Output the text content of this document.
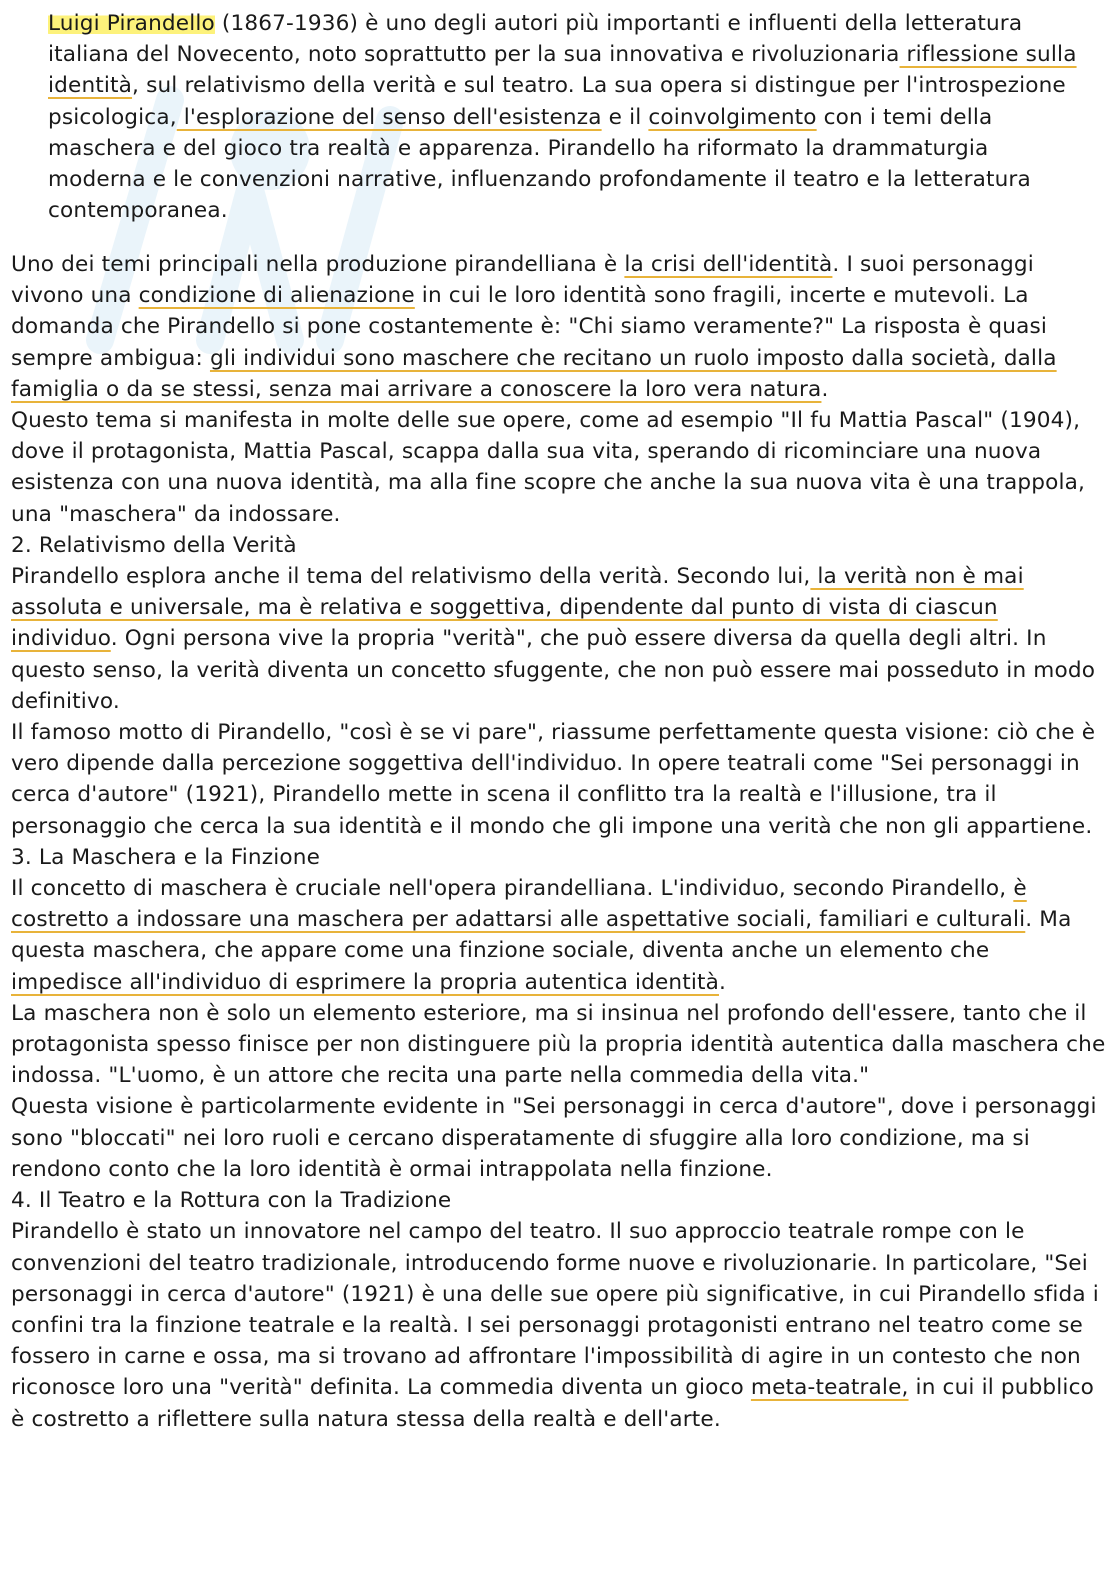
Luigi Pirandello (1867-1936) è uno degli autori più importanti e influenti della letteratura italiana del Novecento, noto soprattutto per la sua innovativa e rivoluzionaria riflessione sulla identità, sul relativismo della verità e sul teatro. La sua opera si distingue per l'introspezione psicologica, l'esplorazione del senso dell'esistenza e il coinvolgimento con i temi della maschera e del gioco tra realtà e apparenza. Pirandello ha riformato la drammaturgia moderna e le convenzioni narrative, influenzando profondamente il teatro e la letteratura contemporanea.

Uno dei temi principali nella produzione pirandelliana è la crisi dell'identità. I suoi personaggi vivono una condizione di alienazione in cui le loro identità sono fragili, incerte e mutevoli. La domanda che Pirandello si pone costantemente è: "Chi siamo veramente?" La risposta è quasi sempre ambigua: gli individui sono maschere che recitano un ruolo imposto dalla società, dalla famiglia o da se stessi, senza mai arrivare a conoscere la loro vera natura.

Questo tema si manifesta in molte delle sue opere, come ad esempio "Il fu Mattia Pascal" (1904), dove il protagonista, Mattia Pascal, scappa dalla sua vita, sperando di ricominciare una nuova esistenza con una nuova identità, ma alla fine scopre che anche la sua nuova vita è una trappola, una "maschera" da indossare.

2. Relativismo della Verità

Pirandello esplora anche il tema del relativismo della verità. Secondo lui, la verità non è mai assoluta e universale, ma è relativa e soggettiva, dipendente dal punto di vista di ciascun individuo. Ogni persona vive la propria "verità", che può essere diversa da quella degli altri. In questo senso, la verità diventa un concetto sfuggente, che non può essere mai posseduto in modo definitivo.

Il famoso motto di Pirandello, "così è se vi pare", riassume perfettamente questa visione: ciò che è vero dipende dalla percezione soggettiva dell'individuo. In opere teatrali come "Sei personaggi in cerca d'autore" (1921), Pirandello mette in scena il conflitto tra la realtà e l'illusione, tra il personaggio che cerca la sua identità e il mondo che gli impone una verità che non gli appartiene.

3. La Maschera e la Finzione

Il concetto di maschera è cruciale nell'opera pirandelliana. L'individuo, secondo Pirandello, è costretto a indossare una maschera per adattarsi alle aspettative sociali, familiari e culturali. Ma questa maschera, che appare come una finzione sociale, diventa anche un elemento che impedisce all'individuo di esprimere la propria autentica identità.

La maschera non è solo un elemento esteriore, ma si insinua nel profondo dell'essere, tanto che il protagonista spesso finisce per non distinguere più la propria identità autentica dalla maschera che indossa. "L'uomo, è un attore che recita una parte nella commedia della vita."

Questa visione è particolarmente evidente in "Sei personaggi in cerca d'autore", dove i personaggi sono "bloccati" nei loro ruoli e cercano disperatamente di sfuggire alla loro condizione, ma si rendono conto che la loro identità è ormai intrappolata nella finzione.

4. Il Teatro e la Rottura con la Tradizione

Pirandello è stato un innovatore nel campo del teatro. Il suo approccio teatrale rompe con le convenzioni del teatro tradizionale, introducendo forme nuove e rivoluzionarie. In particolare, "Sei personaggi in cerca d'autore" (1921) è una delle sue opere più significative, in cui Pirandello sfida i confini tra la finzione teatrale e la realtà. I sei personaggi protagonisti entrano nel teatro come se fossero in carne e ossa, ma si trovano ad affrontare l'impossibilità di agire in un contesto che non riconosce loro una "verità" definita. La commedia diventa un gioco meta-teatrale, in cui il pubblico è costretto a riflettere sulla natura stessa della realtà e dell'arte.
